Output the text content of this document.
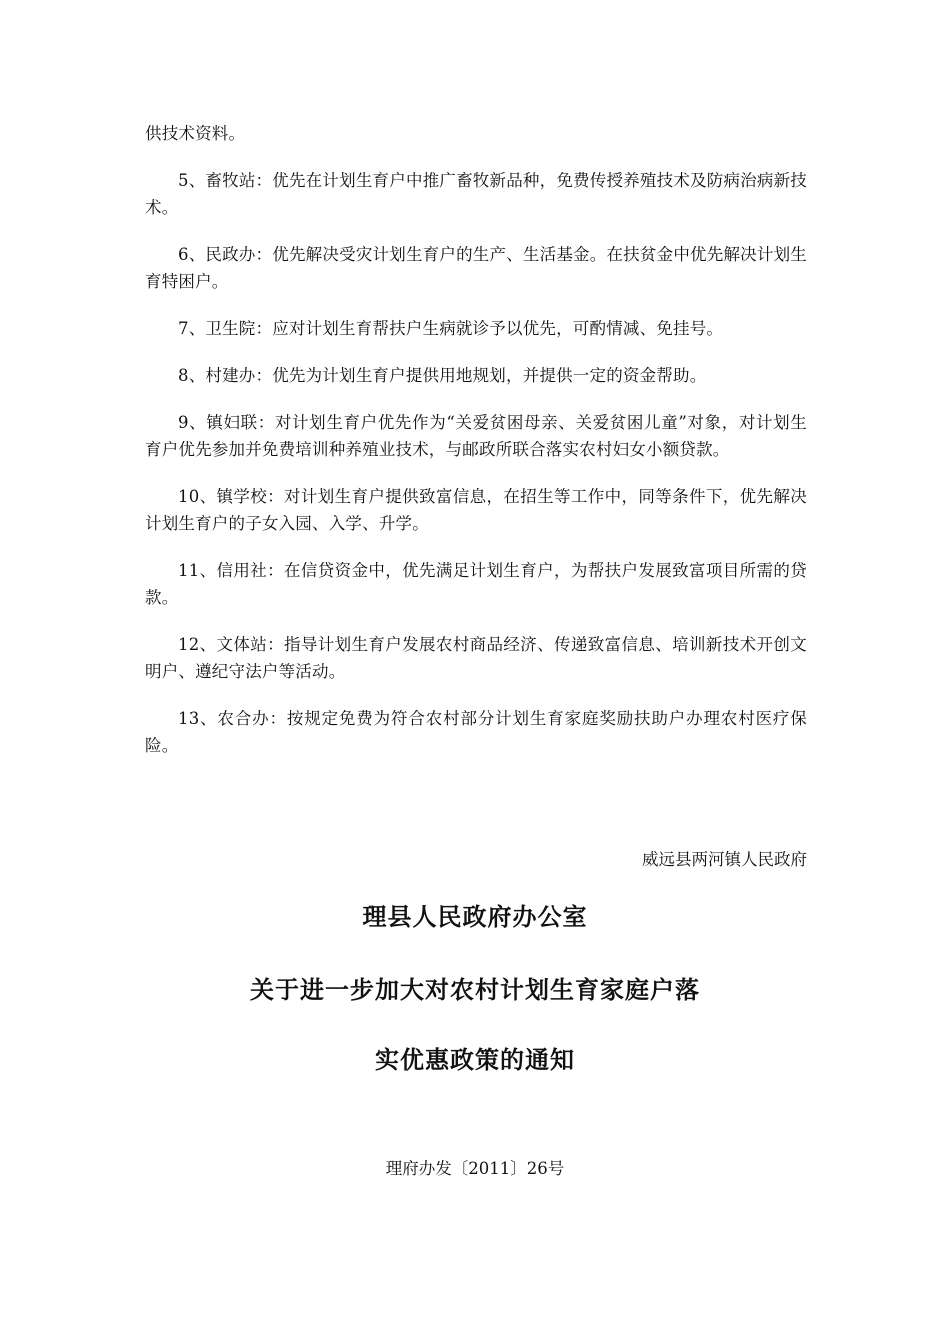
供技术资料。

5、畜牧站：优先在计划生育户中推广畜牧新品种，免费传授养殖技术及防病治病新技术。

6、民政办：优先解决受灾计划生育户的生产、生活基金。在扶贫金中优先解决计划生育特困户。

7、卫生院：应对计划生育帮扶户生病就诊予以优先，可酌情减、免挂号。

8、村建办：优先为计划生育户提供用地规划，并提供一定的资金帮助。

9、镇妇联：对计划生育户优先作为“关爱贫困母亲、关爱贫困儿童”对象，对计划生育户优先参加并免费培训种养殖业技术，与邮政所联合落实农村妇女小额贷款。

10、镇学校：对计划生育户提供致富信息，在招生等工作中，同等条件下，优先解决计划生育户的子女入园、入学、升学。

11、信用社：在信贷资金中，优先满足计划生育户，为帮扶户发展致富项目所需的贷款。

12、文体站：指导计划生育户发展农村商品经济、传递致富信息、培训新技术开创文明户、遵纪守法户等活动。

13、农合办：按规定免费为符合农村部分计划生育家庭奖励扶助户办理农村医疗保险。

威远县两河镇人民政府
理县人民政府办公室
关于进一步加大对农村计划生育家庭户落
实优惠政策的通知
理府办发〔2011〕26号
